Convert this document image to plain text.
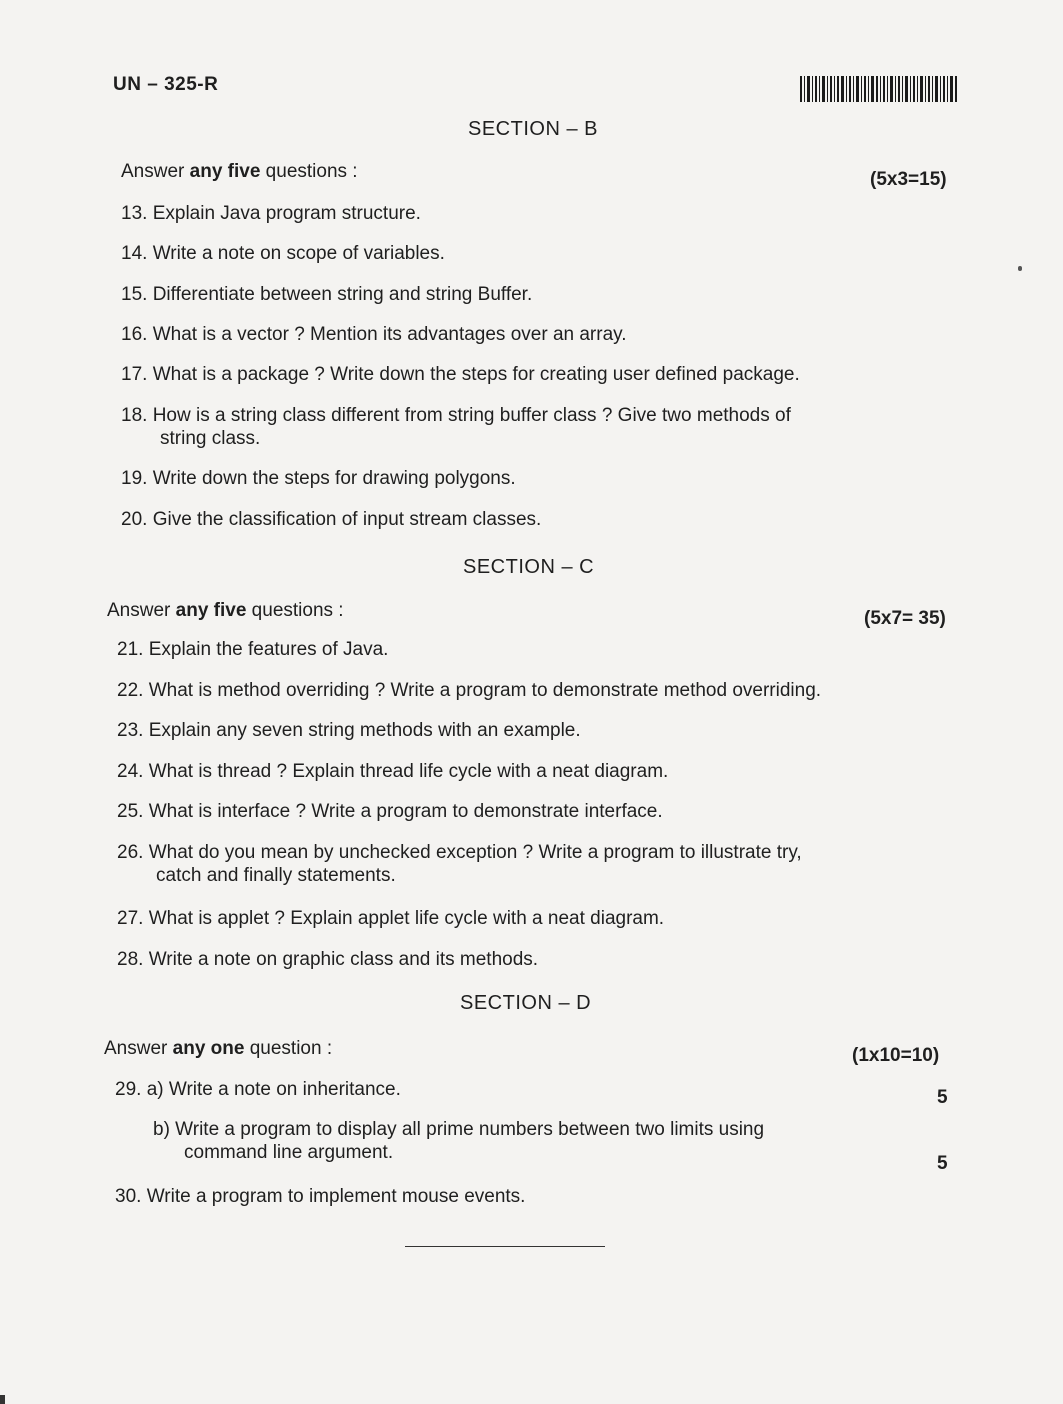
UN – 325-R
SECTION – B
Answer any five questions :	(5x3=15)
13. Explain Java program structure.
14. Write a note on scope of variables.
15. Differentiate between string and string Buffer.
16. What is a vector ? Mention its advantages over an array.
17. What is a package ? Write down the steps for creating user defined package.
18. How is a string class different from string buffer class ? Give two methods of
string class.
19. Write down the steps for drawing polygons.
20. Give the classification of input stream classes.
SECTION – C
Answer any five questions :	(5x7= 35)
21. Explain the features of Java.
22. What is method overriding ? Write a program to demonstrate method overriding.
23. Explain any seven string methods with an example.
24. What is thread ? Explain thread life cycle with a neat diagram.
25. What is interface ? Write a program to demonstrate interface.
26. What do you mean by unchecked exception ? Write a program to illustrate try,
catch and finally statements.
27. What is applet ? Explain applet life cycle with a neat diagram.
28. Write a note on graphic class and its methods.
SECTION – D
Answer any one question :	(1x10=10)
29. a) Write a note on inheritance.	5
b) Write a program to display all prime numbers between two limits using
command line argument.
5
30. Write a program to implement mouse events.
